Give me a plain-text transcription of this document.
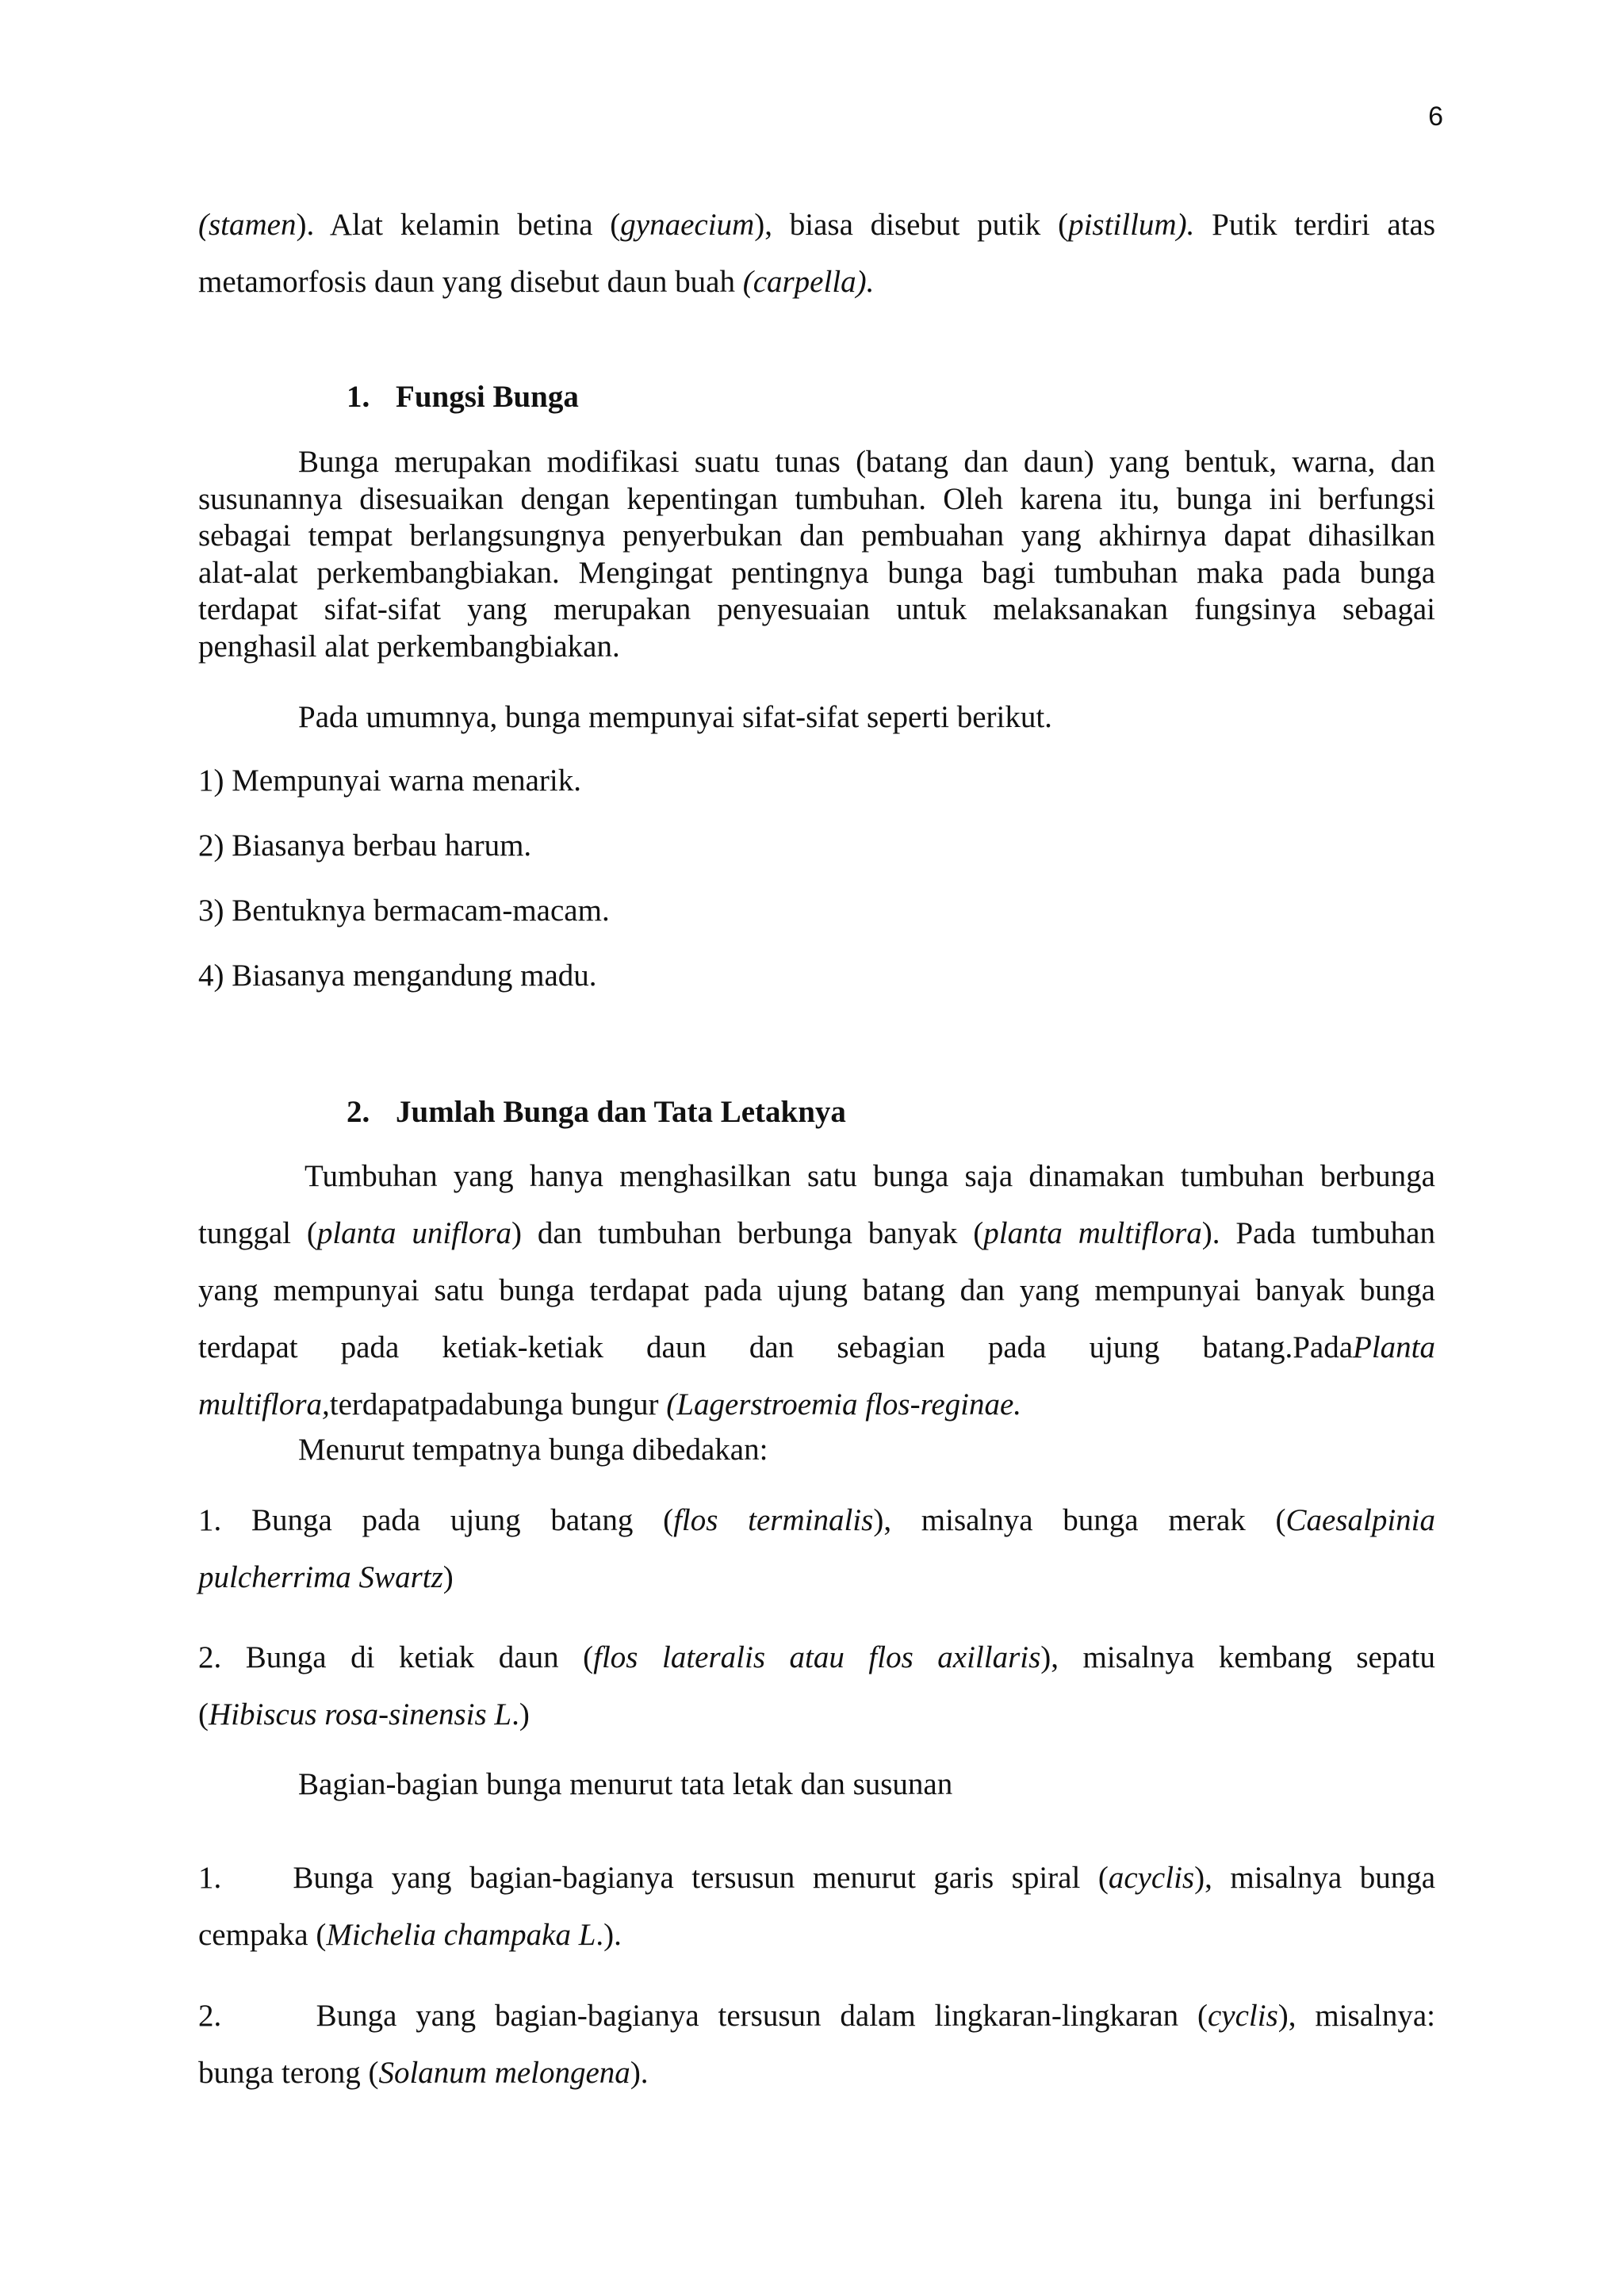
6
(stamen). Alat kelamin betina (gynaecium), biasa disebut putik (pistillum). Putik terdiri atas
metamorfosis daun yang disebut daun buah (carpella).
1. Fungsi Bunga
Bunga merupakan modifikasi suatu tunas (batang dan daun) yang bentuk, warna, dan
susunannya disesuaikan dengan kepentingan tumbuhan. Oleh karena itu, bunga ini berfungsi
sebagai tempat berlangsungnya penyerbukan dan pembuahan yang akhirnya dapat dihasilkan
alat-alat perkembangbiakan. Mengingat pentingnya bunga bagi tumbuhan maka pada bunga
terdapat sifat-sifat yang merupakan penyesuaian untuk melaksanakan fungsinya sebagai
penghasil alat perkembangbiakan.
Pada umumnya, bunga mempunyai sifat-sifat seperti berikut.
1) Mempunyai warna menarik.
2) Biasanya berbau harum.
3) Bentuknya bermacam-macam.
4) Biasanya mengandung madu.
2. Jumlah Bunga dan Tata Letaknya
Tumbuhan yang hanya menghasilkan satu bunga saja dinamakan tumbuhan berbunga
tunggal (planta uniflora) dan tumbuhan berbunga banyak (planta multiflora). Pada tumbuhan
yang mempunyai satu bunga terdapat pada ujung batang dan yang mempunyai banyak bunga
terdapat pada ketiak-ketiak daun dan sebagian pada ujung batang.PadaPlanta
multiflora,terdapatpadabunga bungur (Lagerstroemia flos-reginae.
Menurut tempatnya bunga dibedakan:
1. Bunga pada ujung batang (flos terminalis), misalnya bunga merak (Caesalpinia
pulcherrima Swartz)
2. Bunga di ketiak daun (flos lateralis atau flos axillaris), misalnya kembang sepatu
(Hibiscus rosa-sinensis L.)
Bagian-bagian bunga menurut tata letak dan susunan
1. Bunga yang bagian-bagianya tersusun menurut garis spiral (acyclis), misalnya bunga
cempaka (Michelia champaka L.).
2.	Bunga yang bagian-bagianya tersusun dalam lingkaran-lingkaran (cyclis), misalnya:
bunga terong (Solanum melongena).
